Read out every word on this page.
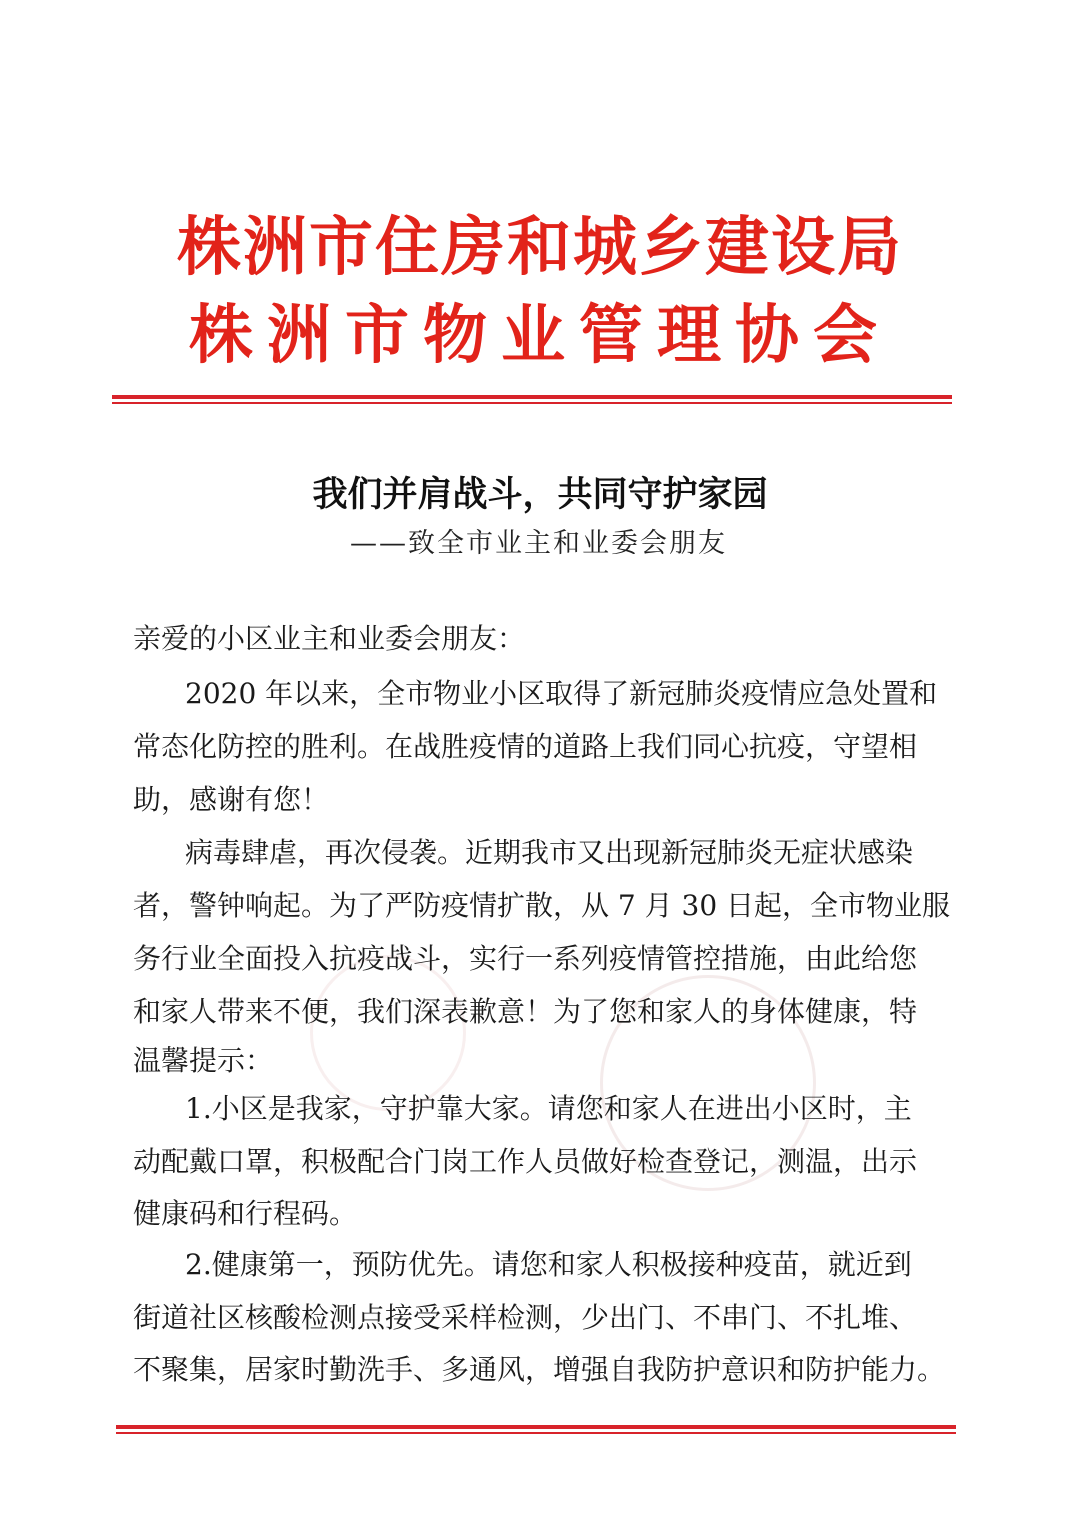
株洲市住房和城乡建设局
株洲市物业管理协会
我们并肩战斗，共同守护家园
——致全市业主和业委会朋友
亲爱的小区业主和业委会朋友：
2020 年以来，全市物业小区取得了新冠肺炎疫情应急处置和
常态化防控的胜利。在战胜疫情的道路上我们同心抗疫，守望相
助，感谢有您！
病毒肆虐，再次侵袭。近期我市又出现新冠肺炎无症状感染
者，警钟响起。为了严防疫情扩散，从 7 月 30 日起，全市物业服
务行业全面投入抗疫战斗，实行一系列疫情管控措施，由此给您
和家人带来不便，我们深表歉意！为了您和家人的身体健康，特
温馨提示：
1.小区是我家，守护靠大家。请您和家人在进出小区时，主
动配戴口罩，积极配合门岗工作人员做好检查登记，测温，出示
健康码和行程码。
2.健康第一，预防优先。请您和家人积极接种疫苗，就近到
街道社区核酸检测点接受采样检测，少出门、不串门、不扎堆、
不聚集，居家时勤洗手、多通风，增强自我防护意识和防护能力。
